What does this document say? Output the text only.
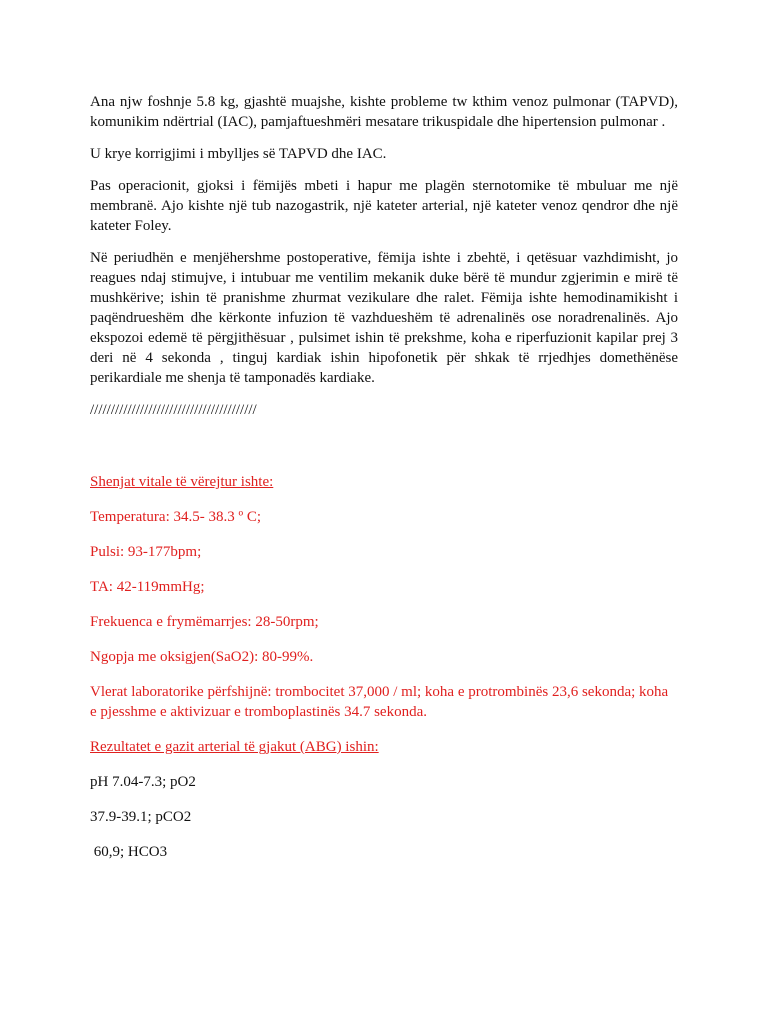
Ana njw foshnje 5.8 kg, gjashtë muajshe, kishte probleme tw kthim venoz pulmonar (TAPVD), komunikim ndërtrial (IAC), pamjaftueshmëri mesatare trikuspidale dhe hipertension pulmonar .

U krye korrigjimi i mbylljes së TAPVD dhe IAC.

Pas operacionit, gjoksi i fëmijës mbeti i hapur me plagën sternotomike të mbuluar me një membranë. Ajo kishte një tub nazogastrik, një kateter arterial, një kateter venoz qendror dhe një kateter Foley.

Në periudhën e menjëhershme postoperative, fëmija ishte i zbehtë, i qetësuar vazhdimisht, jo reagues ndaj stimujve, i intubuar me ventilim mekanik duke bërë të mundur zgjerimin e mirë të mushkërive; ishin të pranishme zhurmat vezikulare dhe ralet. Fëmija ishte hemodinamikisht i paqëndrueshëm dhe kërkonte infuzion të vazhdueshëm të adrenalinës ose noradrenalinës. Ajo ekspozoi edemë të përgjithësuar , pulsimet ishin të prekshme, koha e riperfuzionit kapilar prej 3 deri në 4 sekonda , tinguj kardiak ishin hipofonetik për shkak të rrjedhjes domethënëse perikardiale me shenja të tamponadës kardiake.

////////////////////////////////////////

Shenjat vitale të vërejtur ishte:

Temperatura: 34.5- 38.3 º C;

Pulsi: 93-177bpm;

TA: 42-119mmHg;

Frekuenca e frymëmarrjes: 28-50rpm;

Ngopja me oksigjen(SaO2): 80-99%.

Vlerat laboratorike përfshijnë: trombocitet 37,000 / ml; koha e protrombinës 23,6 sekonda; koha e pjesshme e aktivizuar e tromboplastinës 34.7 sekonda.

Rezultatet e gazit arterial të gjakut (ABG) ishin:

pH 7.04-7.3; pO2

37.9-39.1; pCO2

60,9; HCO3
